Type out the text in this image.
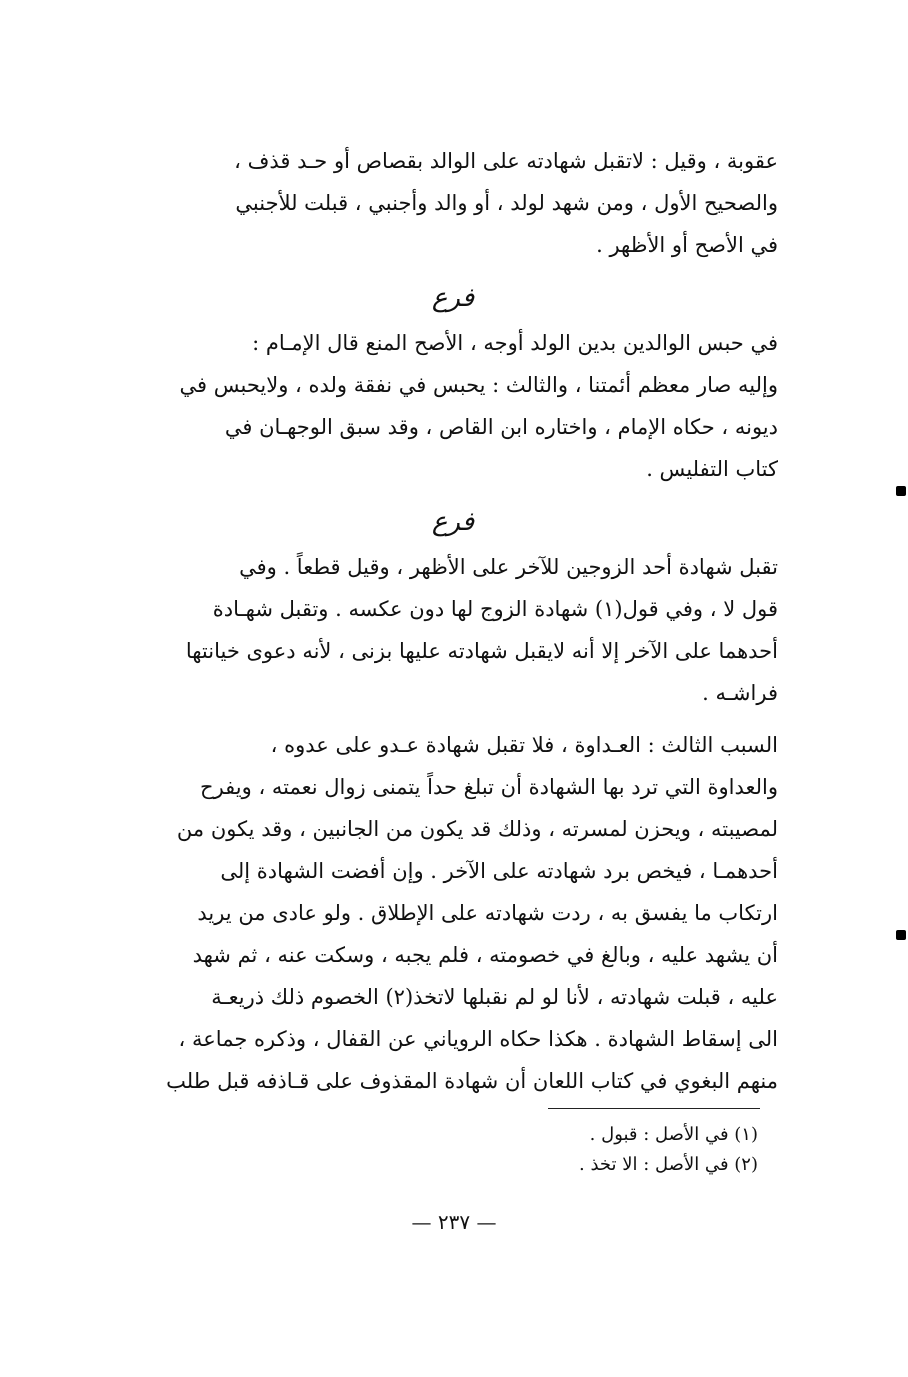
عقوبة ، وقيل : لاتقبل شهادته على الوالد بقصاص أو حـد قذف ،
والصحيح الأول ، ومن شهد لولد ، أو والد وأجنبي ، قبلت للأجنبي
في الأصح أو الأظهر .

فرع

في حبس الوالدين بدين الولد أوجه ، الأصح المنع قال الإمـام :
وإليه صار معظم أئمتنا ، والثالث : يحبس في نفقة ولده ، ولايحبس في
ديونه ، حكاه الإمام ، واختاره ابن القاص ، وقد سبق الوجهـان في
كتاب التفليس .

فرع

تقبل شهادة أحد الزوجين للآخر على الأظهر ، وقيل قطعاً . وفي
قول لا ، وفي قول(١) شهادة الزوج لها دون عكسه . وتقبل شهـادة
أحدهما على الآخر إلا أنه لايقبل شهادته عليها بزنى ، لأنه دعوى خيانتها
فراشـه .

السبب الثالث : العـداوة ، فلا تقبل شهادة عـدو على عدوه ،
والعداوة التي ترد بها الشهادة أن تبلغ حداً يتمنى زوال نعمته ، ويفرح
لمصيبته ، ويحزن لمسرته ، وذلك قد يكون من الجانبين ، وقد يكون من
أحدهمـا ، فيخص برد شهادته على الآخر . وإن أفضت الشهادة إلى
ارتكاب ما يفسق به ، ردت شهادته على الإطلاق . ولو عادى من يريد
أن يشهد عليه ، وبالغ في خصومته ، فلم يجبه ، وسكت عنه ، ثم شهد
عليه ، قبلت شهادته ، لأنا لو لم نقبلها لاتخذ(٢) الخصوم ذلك ذريعـة
الى إسقاط الشهادة . هكذا حكاه الروياني عن القفال ، وذكره جماعة ،
منهم البغوي في كتاب اللعان أن شهادة المقذوف على قـاذفه قبل طلب

(١) في الأصل : قبول .
(٢) في الأصل : الا تخذ .
— ٢٣٧ —
